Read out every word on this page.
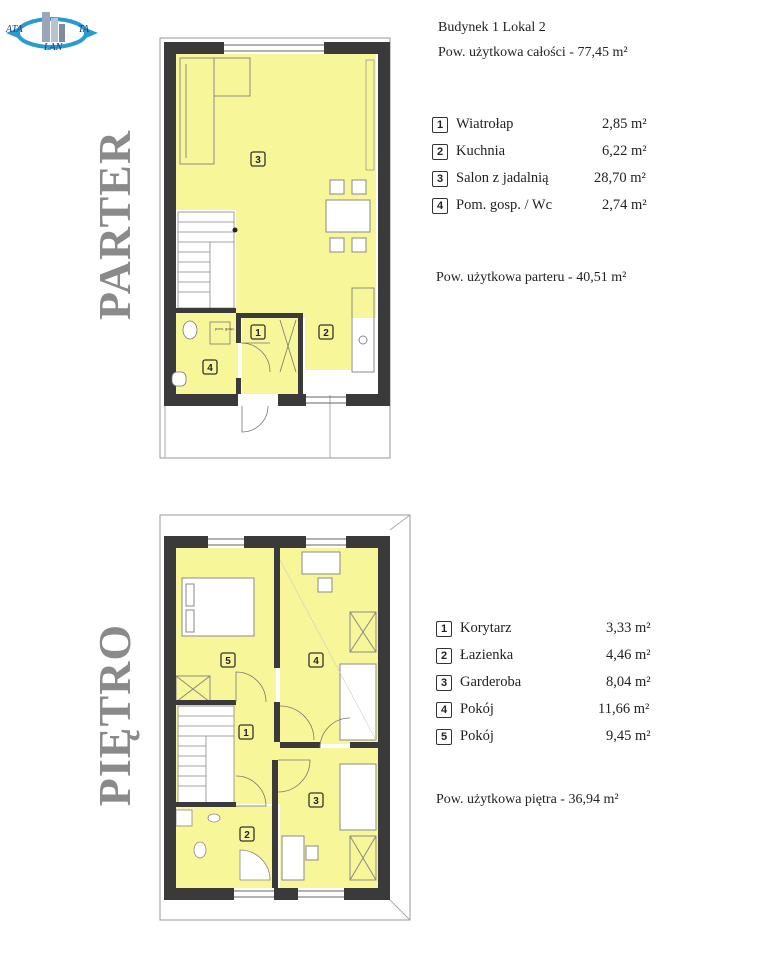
ATA	TA
LAN
pom. gosp.
3
1	2
4
5	4
1
3
2
PARTER
PIĘTRO
Budynek 1 Lokal 2
Pow. użytkowa całości - 77,45 m²
1 Wiatrołap	2,85 m²
2 Kuchnia	6,22 m²
3 Salon z jadalnią	28,70 m²
4 Pom. gosp. / Wc	2,74 m²
Pow. użytkowa parteru - 40,51 m²
1 Korytarz	3,33 m²
2 Łazienka	4,46 m²
3 Garderoba	8,04 m²
4 Pokój	11,66 m²
5 Pokój	9,45 m²
Pow. użytkowa piętra - 36,94 m²
